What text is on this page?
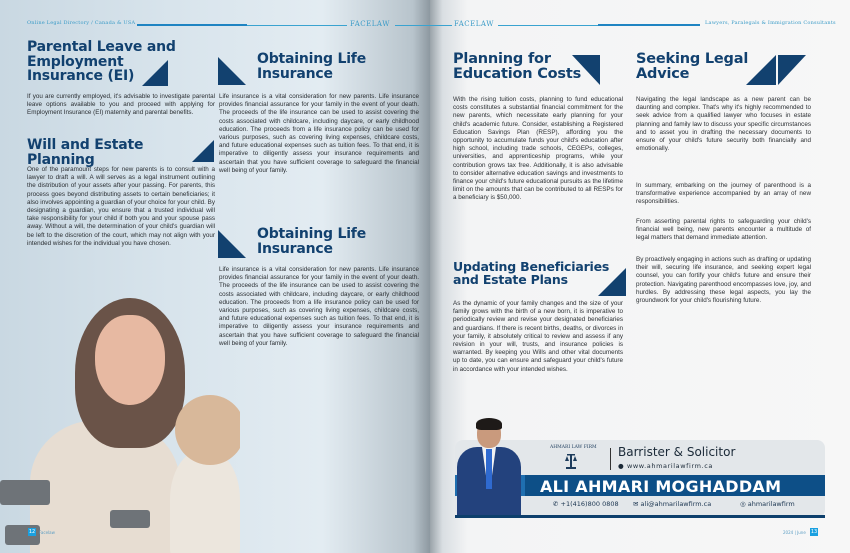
Online Legal Directory / Canada & USA	FACELAW
Parental Leave and Employment Insurance (EI)

If you are currently employed, it's advisable to investigate parental leave options available to you and proceed with applying for Employment Insurance (EI) maternity and parental benefits.

Will and Estate Planning

One of the paramount steps for new parents is to consult with a lawyer to draft a will. A will serves as a legal instrument outlining the distribution of your assets after your passing. For parents, this process goes beyond distributing assets to certain beneficiaries; it also involves appointing a guardian of your choice for your child. By designating a guardian, you ensure that a trusted individual will take responsibility for your child if both you and your spouse pass away. Without a will, the determination of your child's guardian will be left to the discretion of the court, which may not align with your intended wishes for the individual you have chosen.

Obtaining Life Insurance

Life insurance is a vital consideration for new parents. Life insurance provides financial assurance for your family in the event of your death. The proceeds of the life insurance can be used to assist covering the costs associated with childcare, including daycare, or early childhood education. The proceeds from a life insurance policy can be used for various purposes, such as covering living expenses, childcare costs, and future educational expenses such as tuition fees. To that end, it is imperative to diligently assess your insurance requirements and ascertain that you have sufficient coverage to safeguard the financial well being of your family.

Obtaining Life Insurance

Life insurance is a vital consideration for new parents. Life insurance provides financial assurance for your family in the event of your death. The proceeds of the life insurance can be used to assist covering the costs associated with childcare, including daycare, or early childhood education. The proceeds from a life insurance policy can be used for various purposes, such as covering living expenses, childcare costs, and future educational expenses such as tuition fees. To that end, it is imperative to diligently assess your insurance requirements and ascertain that you have sufficient coverage to safeguard the financial well being of your family.

12 Facelaw
FACELAW	Lawyers, Paralegals & Immigration Consultants
Planning for Education Costs

With the rising tuition costs, planning to fund educational costs constitutes a substantial financial commitment for the new parents, which necessitate early planning for your child's academic future. Consider, establishing a Registered Education Savings Plan (RESP), affording you the opportunity to accumulate funds your child's education after high school, including trade schools, CEGEPs, colleges, universities, and apprenticeship programs, while your contribution grows tax free. Additionally, it is also advisable to consider alternative education savings and investments to finance your child's future educational pursuits as the lifetime limit on the amounts that can be contributed to all RESPs for a beneficiary is $50,000.

Updating Beneficiaries and Estate Plans

As the dynamic of your family changes and the size of your family grows with the birth of a new born, it is imperative to periodically review and revise your designated beneficiaries and guardians. If there is recent births, deaths, or divorces in your family, it absolutely critical to review and assess if any revision in your will, trusts, and insurance policies is warranted. By keeping you Wills and other vital documents up to date, you can ensure and safeguard your child's future in accordance with your intended wishes.

Seeking Legal Advice

Navigating the legal landscape as a new parent can be daunting and complex. That's why it's highly recommended to seek advice from a qualified lawyer who focuses in estate planning and family law to discuss your specific circumstances and to asset you in drafting the necessary documents to ensure of your child's future security both financially and emotionally.

In summary, embarking on the journey of parenthood is a transformative experience accompanied by an array of new responsibilities.

From asserting parental rights to safeguarding your child's financial well being, new parents encounter a multitude of legal matters that demand immediate attention.

By proactively engaging in actions such as drafting or updating their will, securing life insurance, and seeking expert legal counsel, you can fortify your child's future and ensure their protection. Navigating parenthood encompasses love, joy, and hurdles. By addressing these legal aspects, you lay the groundwork for your child's flourishing future.

AHMARI LAW FIRM Barrister & Solicitor
● www.ahmarilawfirm.ca
ALI AHMARI MOGHADDAM
✆ +1(416)800 0808 ✉ ali@ahmarilawfirm.ca	◎ ahmarilawfirm
2024 | June 13
